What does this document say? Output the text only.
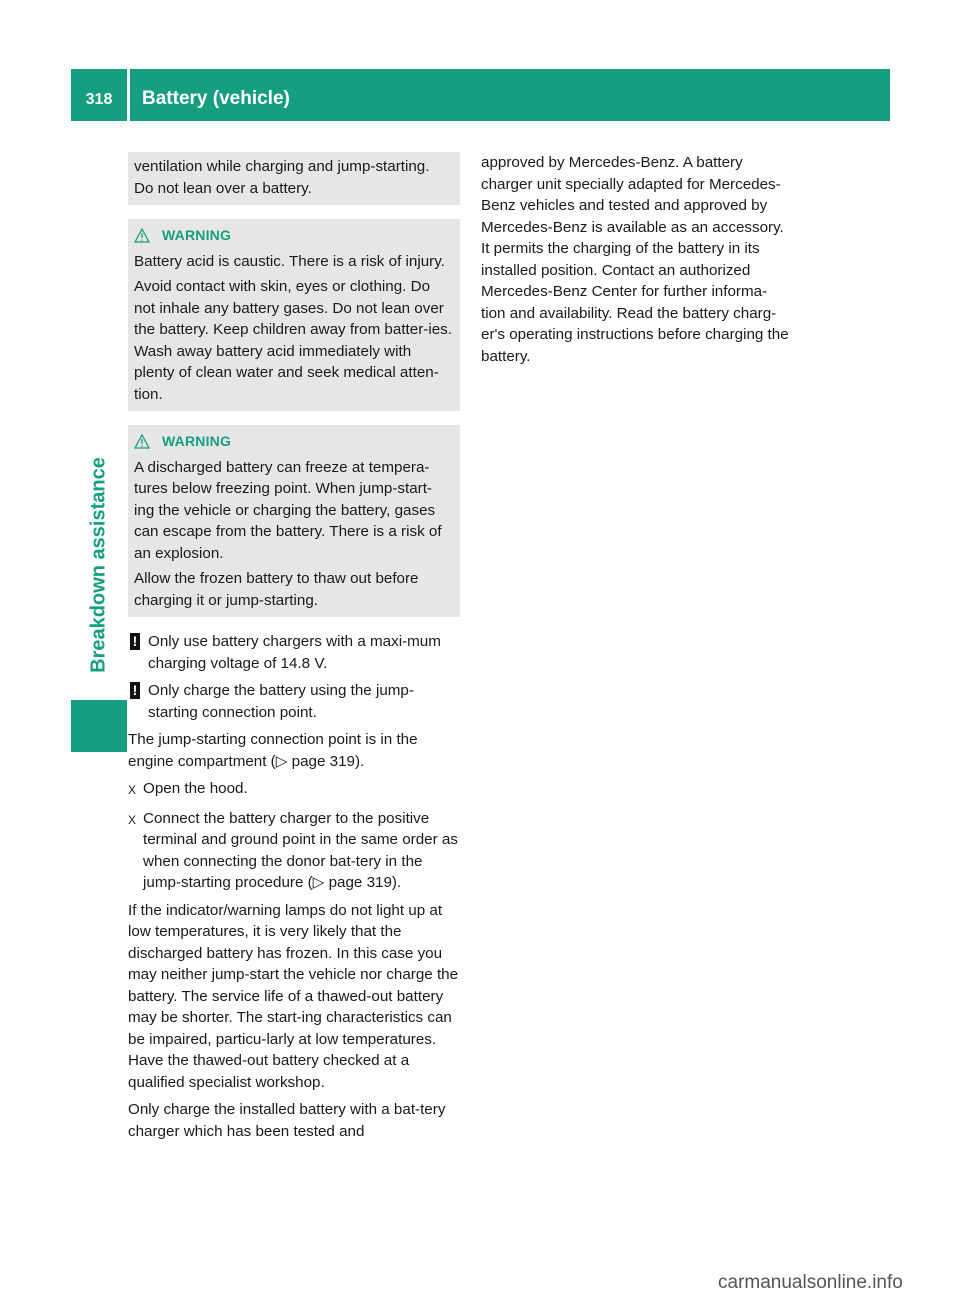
318	Battery (vehicle)
Breakdown assistance

ventilation while charging and jump-starting. Do not lean over a battery.

WARNING

Battery acid is caustic. There is a risk of injury.

Avoid contact with skin, eyes or clothing. Do not inhale any battery gases. Do not lean over the battery. Keep children away from batter-ies. Wash away battery acid immediately with plenty of clean water and seek medical atten-tion.

WARNING

A discharged battery can freeze at tempera-tures below freezing point. When jump-start-ing the vehicle or charging the battery, gases can escape from the battery. There is a risk of an explosion.

Allow the frozen battery to thaw out before charging it or jump-starting.

! Only use battery chargers with a maxi-mum charging voltage of 14.8 V.
! Only charge the battery using the jump-starting connection point.

The jump-starting connection point is in the engine compartment (▷ page 319).

X Open the hood.
X Connect the battery charger to the positive terminal and ground point in the same order as when connecting the donor bat-tery in the jump-starting procedure (▷ page 319).

If the indicator/warning lamps do not light up at low temperatures, it is very likely that the discharged battery has frozen. In this case you may neither jump-start the vehicle nor charge the battery. The service life of a thawed-out battery may be shorter. The start-ing characteristics can be impaired, particu-larly at low temperatures. Have the thawed-out battery checked at a qualified specialist workshop.

Only charge the installed battery with a bat-tery charger which has been tested and

approved by Mercedes-Benz. A battery charger unit specially adapted for Mercedes-Benz vehicles and tested and approved by Mercedes-Benz is available as an accessory. It permits the charging of the battery in its installed position. Contact an authorized Mercedes-Benz Center for further informa-tion and availability. Read the battery charg-er's operating instructions before charging the battery.

carmanualsonline.info
